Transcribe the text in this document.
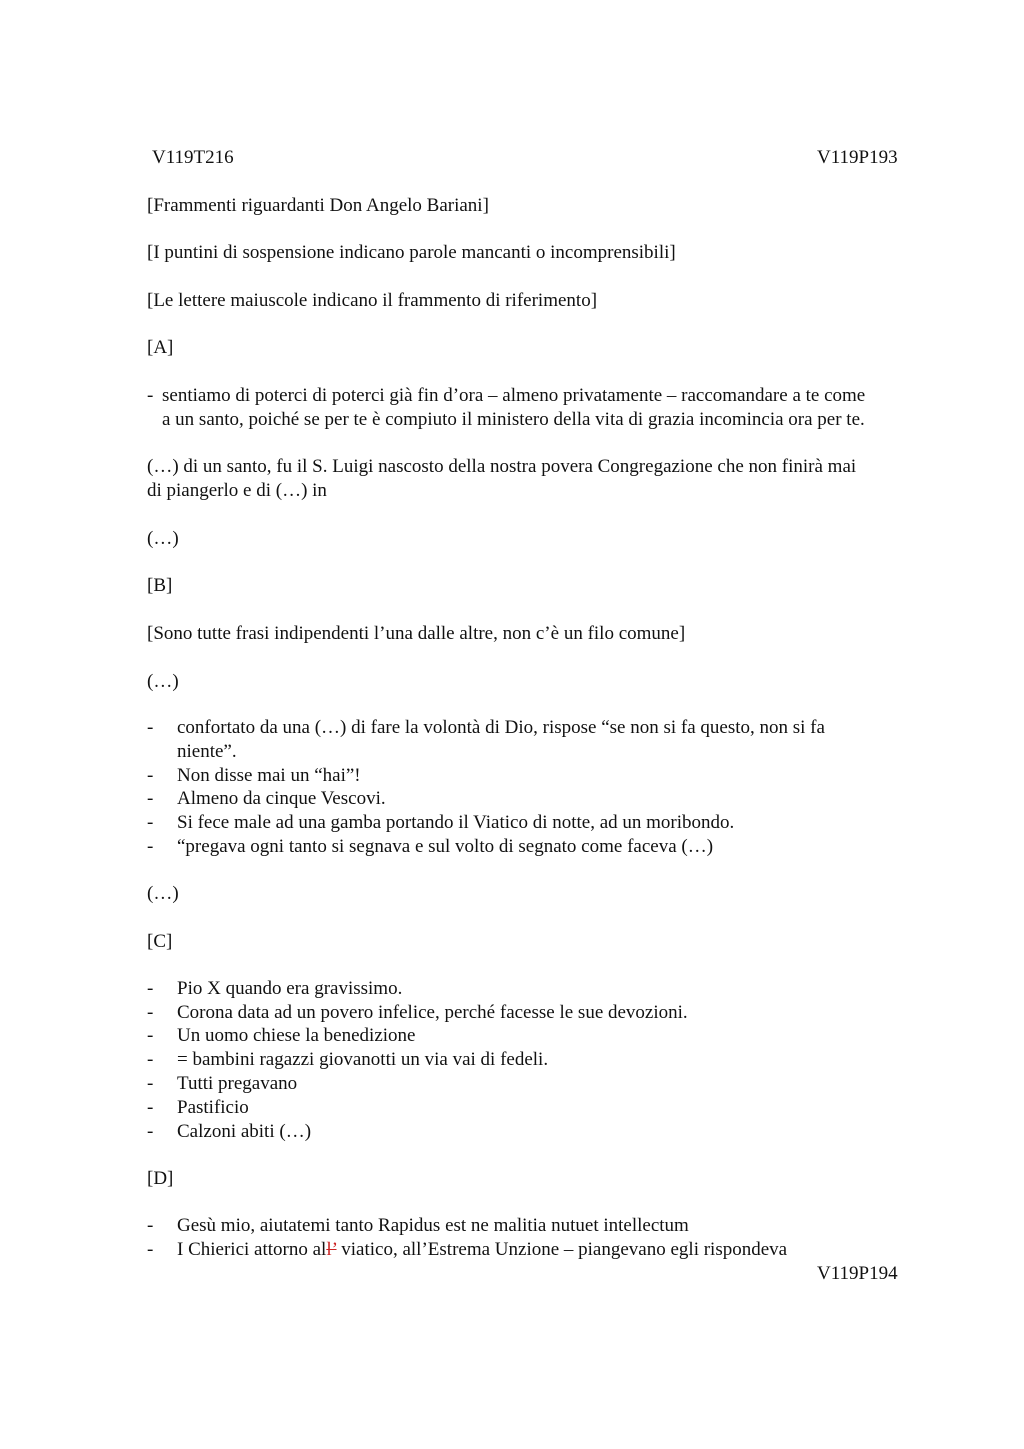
V119T216	V119P193
[Frammenti riguardanti Don Angelo Bariani]
[I puntini di sospensione indicano parole mancanti o incomprensibili]
[Le lettere maiuscole indicano il frammento di riferimento]
[A]
- sentiamo di poterci di poterci già fin d’ora – almeno privatamente – raccomandare a te come
a un santo, poiché se per te è compiuto il ministero della vita di grazia incomincia ora per te.
(…) di un santo, fu il S. Luigi nascosto della nostra povera Congregazione che non finirà mai
di piangerlo e di (…) in
(…)
[B]
[Sono tutte frasi indipendenti l’una dalle altre, non c’è un filo comune]
(…)
- confortato da una (…) di fare la volontà di Dio, rispose “se non si fa questo, non si fa
niente”.
- Non disse mai un “hai”!
- Almeno da cinque Vescovi.
- Si fece male ad una gamba portando il Viatico di notte, ad un moribondo.
- “pregava ogni tanto si segnava e sul volto di segnato come faceva (…)
(…)
[C]
- Pio X quando era gravissimo.
- Corona data ad un povero infelice, perché facesse le sue devozioni.
- Un uomo chiese la benedizione
- = bambini ragazzi giovanotti un via vai di fedeli.
- Tutti pregavano
- Pastificio
- Calzoni abiti (…)
[D]
- Gesù mio, aiutatemi tanto Rapidus est ne malitia nutuet intellectum
- I Chierici attorno all’ viatico, all’Estrema Unzione – piangevano egli rispondeva
V119P194
